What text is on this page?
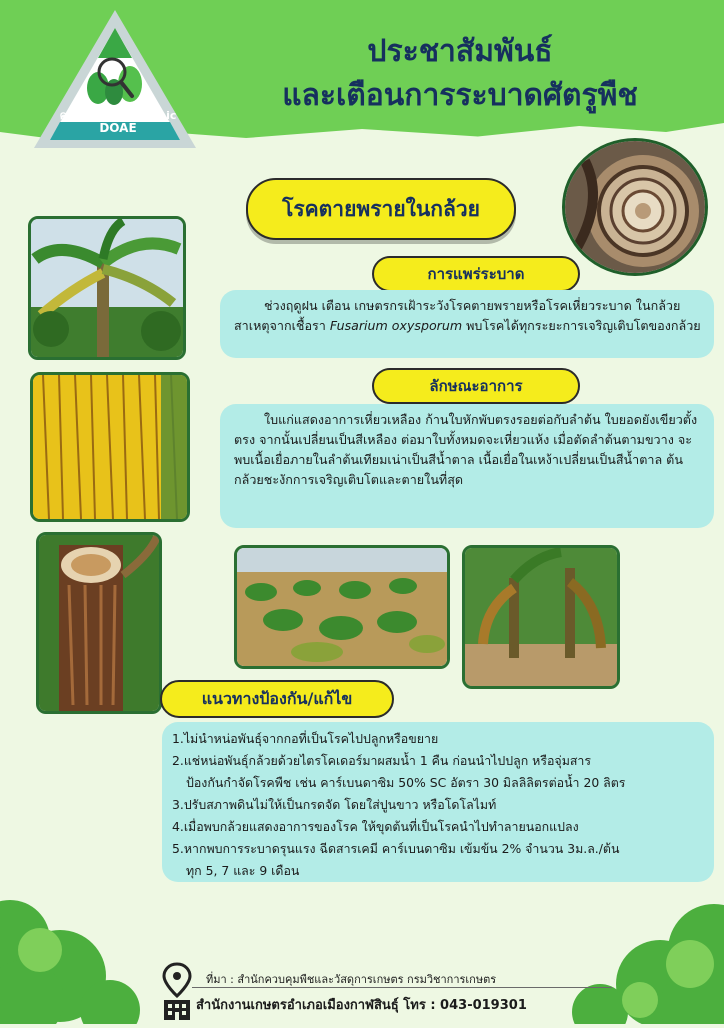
คลินิกพืช Plant Clinic
DOAE
ประชาสัมพันธ์
และเตือนการระบาดศัตรูพืช
โรคตายพรายในกล้วย
การแพร่ระบาด
ช่วงฤดูฝน เตือน เกษตรกรเฝ้าระวังโรคตายพรายหรือโรคเหี่ยวระบาด ในกล้วย สาเหตุจากเชื้อรา Fusarium oxysporum พบโรคได้ทุกระยะการเจริญเติบโตของกล้วย
ลักษณะอาการ
ใบแก่แสดงอาการเหี่ยวเหลือง ก้านใบหักพับตรงรอยต่อกับลำต้น ใบยอดยังเขียวตั้งตรง จากนั้นเปลี่ยนเป็นสีเหลือง ต่อมาใบทั้งหมดจะเหี่ยวแห้ง เมื่อตัดลำต้นตามขวาง จะพบเนื้อเยื่อภายในลำต้นเทียมเน่าเป็นสีน้ำตาล เนื้อเยื่อในเหง้าเปลี่ยนเป็นสีน้ำตาล ต้นกล้วยชะงักการเจริญเติบโตและตายในที่สุด
แนวทางป้องกัน/แก้ไข
1.ไม่นำหน่อพันธุ์จากกอที่เป็นโรคไปปลูกหรือขยาย
2.แช่หน่อพันธุ์กล้วยด้วยไตรโคเดอร์มาผสมน้ำ 1 คืน ก่อนนำไปปลูก หรือจุ่มสาร
ป้องกันกำจัดโรคพืช เช่น คาร์เบนดาซิม 50% SC อัตรา 30 มิลลิลิตรต่อน้ำ 20 ลิตร
3.ปรับสภาพดินไม่ให้เป็นกรดจัด โดยใส่ปูนขาว หรือโดโลไมท์
4.เมื่อพบกล้วยแสดงอาการของโรค ให้ขุดต้นที่เป็นโรคนำไปทำลายนอกแปลง
5.หากพบการระบาดรุนแรง ฉีดสารเคมี คาร์เบนดาซิม เข้มข้น 2% จำนวน 3ม.ล./ต้น
ทุก 5, 7 และ 9 เดือน
ที่มา : สำนักควบคุมพืชและวัสดุการเกษตร กรมวิชาการเกษตร
สำนักงานเกษตรอำเภอเมืองกาฬสินธุ์ โทร : 043-019301
